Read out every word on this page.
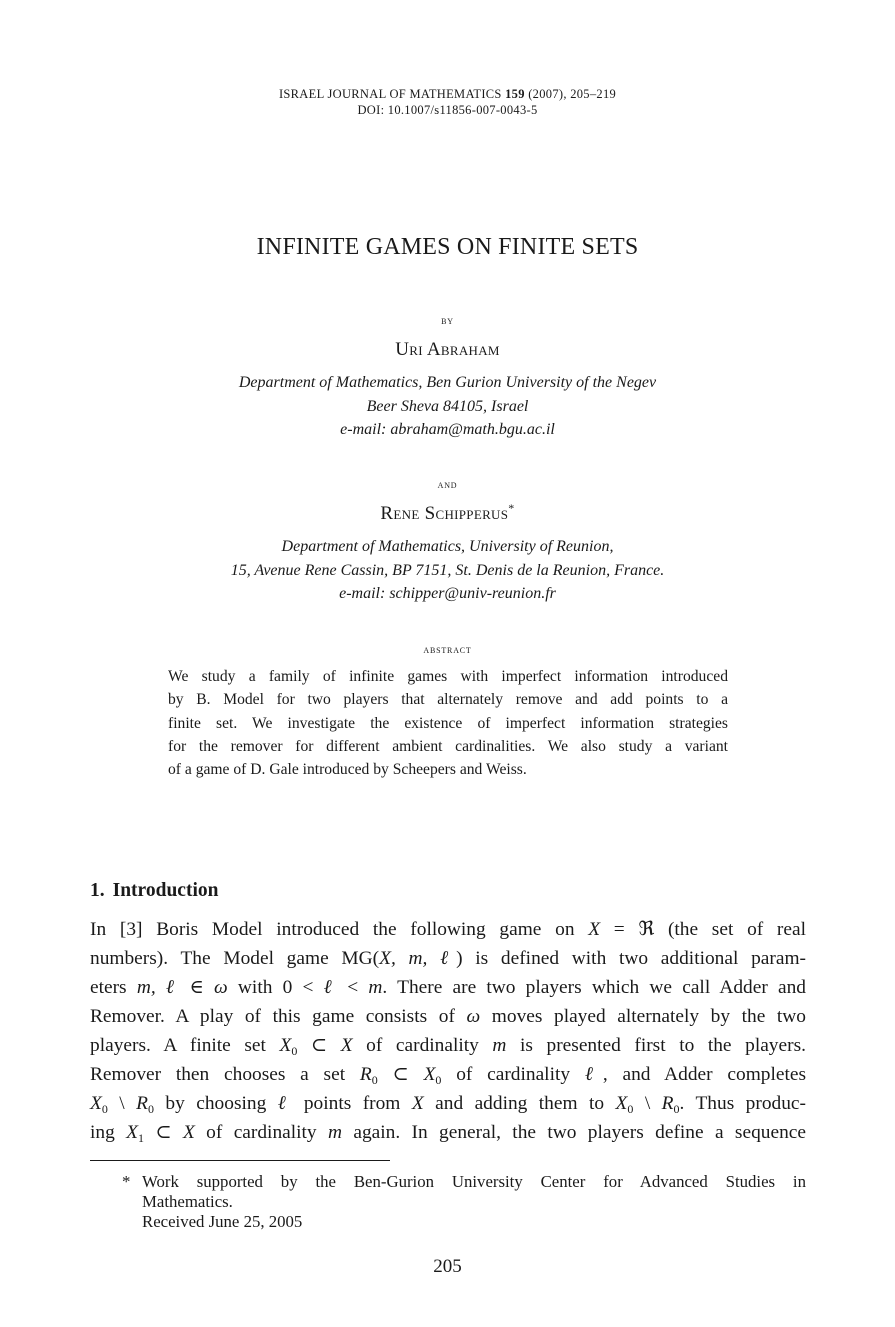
ISRAEL JOURNAL OF MATHEMATICS 159 (2007), 205–219
DOI: 10.1007/s11856-007-0043-5
INFINITE GAMES ON FINITE SETS
by
Uri Abraham
Department of Mathematics, Ben Gurion University of the Negev
Beer Sheva 84105, Israel
e-mail: abraham@math.bgu.ac.il
and
Rene Schipperus*
Department of Mathematics, University of Reunion,
15, Avenue Rene Cassin, BP 7151, St. Denis de la Reunion, France.
e-mail: schipper@univ-reunion.fr
abstract
We study a family of infinite games with imperfect information introduced
by B. Model for two players that alternately remove and add points to a
finite set. We investigate the existence of imperfect information strategies
for the remover for different ambient cardinalities. We also study a variant
of a game of D. Gale introduced by Scheepers and Weiss.
1. Introduction
In [3] Boris Model introduced the following game on X = ℜ (the set of real
numbers). The Model game MG(X, m, ℓ) is defined with two additional param-
eters m, ℓ ∈ ω with 0 < ℓ < m. There are two players which we call Adder and
Remover. A play of this game consists of ω moves played alternately by the two
players. A finite set $X_0$ ⊂ X of cardinality m is presented first to the players.
Remover then chooses a set $R_0$ ⊂ $X_0$ of cardinality ℓ, and Adder completes
$X_0$ \ $R_0$ by choosing ℓ points from X and adding them to $X_0$ \ $R_0$. Thus produc-
ing $X_1$ ⊂ X of cardinality m again. In general, the two players define a sequence
* Work supported by the Ben-Gurion University Center for Advanced Studies in
Mathematics.
Received June 25, 2005
205
